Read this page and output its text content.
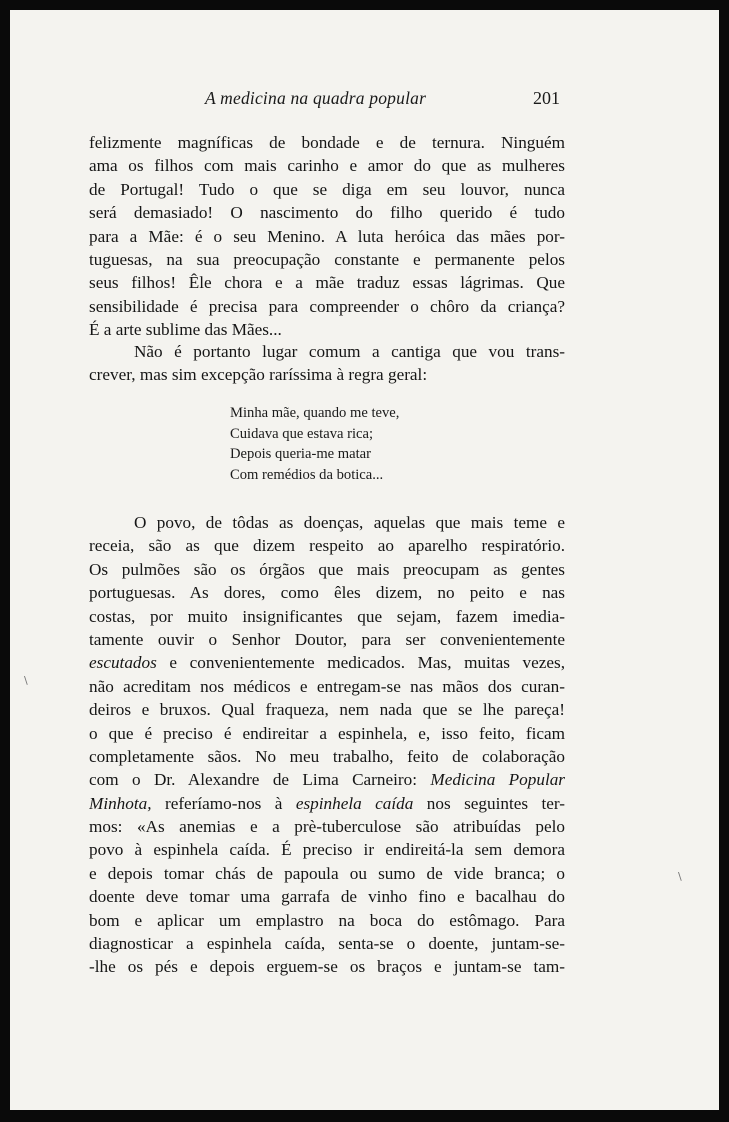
A medicina na quadra popular	201
felizmente magníficas de bondade e de ternura. Ninguém
ama os filhos com mais carinho e amor do que as mulheres
de Portugal! Tudo o que se diga em seu louvor, nunca
será demasiado! O nascimento do filho querido é tudo
para a Mãe: é o seu Menino. A luta heróica das mães por-
tuguesas, na sua preocupação constante e permanente pelos
seus filhos! Êle chora e a mãe traduz essas lágrimas. Que
sensibilidade é precisa para compreender o chôro da criança?
É a arte sublime das Mães...
Não é portanto lugar comum a cantiga que vou trans-
crever, mas sim excepção raríssima à regra geral:
Minha mãe, quando me teve,
Cuidava que estava rica;
Depois queria-me matar
Com remédios da botica...
O povo, de tôdas as doenças, aquelas que mais teme e
receia, são as que dizem respeito ao aparelho respiratório.
Os pulmões são os órgãos que mais preocupam as gentes
portuguesas. As dores, como êles dizem, no peito e nas
costas, por muito insignificantes que sejam, fazem imedia-
tamente ouvir o Senhor Doutor, para ser convenientemente
escutados e convenientemente medicados. Mas, muitas vezes,
não acreditam nos médicos e entregam-se nas mãos dos curan-
deiros e bruxos. Qual fraqueza, nem nada que se lhe pareça!
o que é preciso é endireitar a espinhela, e, isso feito, ficam
completamente sãos. No meu trabalho, feito de colaboração
com o Dr. Alexandre de Lima Carneiro: Medicina Popular
Minhota, referíamo-nos à espinhela caída nos seguintes ter-
mos: «As anemias e a prè-tuberculose são atribuídas pelo
povo à espinhela caída. É preciso ir endireitá-la sem demora
e depois tomar chás de papoula ou sumo de vide branca; o
doente deve tomar uma garrafa de vinho fino e bacalhau do
bom e aplicar um emplastro na boca do estômago. Para
diagnosticar a espinhela caída, senta-se o doente, juntam-se-
-lhe os pés e depois erguem-se os braços e juntam-se tam-
\
\
